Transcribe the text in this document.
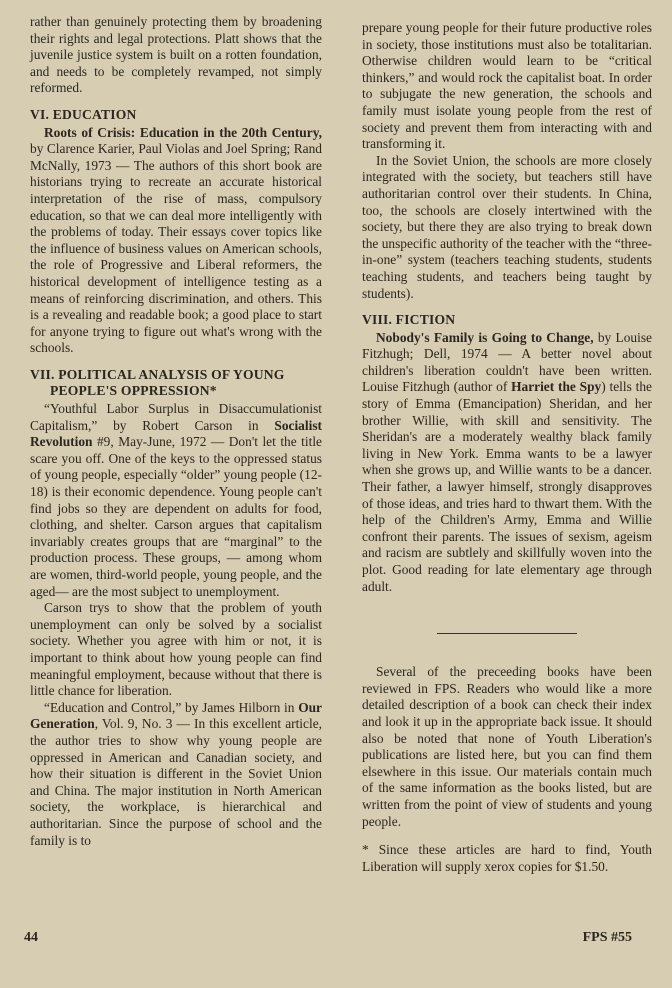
rather than genuinely protecting them by broadening their rights and legal protections. Platt shows that the juvenile justice system is built on a rotten foundation, and needs to be completely revamped, not simply reformed.

VI. EDUCATION

Roots of Crisis: Education in the 20th Century, by Clarence Karier, Paul Violas and Joel Spring; Rand McNally, 1973 — The authors of this short book are historians trying to recreate an accurate historical interpretation of the rise of mass, compulsory education, so that we can deal more intelligently with the problems of today. Their essays cover topics like the influence of business values on American schools, the role of Progressive and Liberal reformers, the historical development of intelligence testing as a means of reinforcing discrimination, and others. This is a revealing and readable book; a good place to start for anyone trying to figure out what's wrong with the schools.

VII. POLITICAL ANALYSIS OF YOUNG
PEOPLE'S OPPRESSION*

“Youthful Labor Surplus in Disaccumulationist Capitalism,” by Robert Carson in Socialist Revolution #9, May-June, 1972 — Don't let the title scare you off. One of the keys to the oppressed status of young people, especially “older” young people (12-18) is their economic dependence. Young people can't find jobs so they are dependent on adults for food, clothing, and shelter. Carson argues that capitalism invariably creates groups that are “marginal” to the production process. These groups, — among whom are women, third-world people, young people, and the aged— are the most subject to unemployment.

Carson trys to show that the problem of youth unemployment can only be solved by a socialist society. Whether you agree with him or not, it is important to think about how young people can find meaningful employment, because without that there is little chance for liberation.

“Education and Control,” by James Hilborn in Our Generation, Vol. 9, No. 3 — In this excellent article, the author tries to show why young people are oppressed in American and Canadian society, and how their situation is different in the Soviet Union and China. The major institution in North American society, the workplace, is hierarchical and authoritarian. Since the purpose of school and the family is to

prepare young people for their future productive roles in society, those institutions must also be totalitarian. Otherwise children would learn to be “critical thinkers,” and would rock the capitalist boat. In order to subjugate the new generation, the schools and family must isolate young people from the rest of society and prevent them from interacting with and transforming it.

In the Soviet Union, the schools are more closely integrated with the society, but teachers still have authoritarian control over their students. In China, too, the schools are closely intertwined with the society, but there they are also trying to break down the unspecific authority of the teacher with the “three-in-one” system (teachers teaching students, students teaching students, and teachers being taught by students).

VIII. FICTION

Nobody's Family is Going to Change, by Louise Fitzhugh; Dell, 1974 — A better novel about children's liberation couldn't have been written. Louise Fitzhugh (author of Harriet the Spy) tells the story of Emma (Emancipation) Sheridan, and her brother Willie, with skill and sensitivity. The Sheridan's are a moderately wealthy black family living in New York. Emma wants to be a lawyer when she grows up, and Willie wants to be a dancer. Their father, a lawyer himself, strongly disapproves of those ideas, and tries hard to thwart them. With the help of the Children's Army, Emma and Willie confront their parents. The issues of sexism, ageism and racism are subtlely and skillfully woven into the plot. Good reading for late elementary age through adult.

Several of the preceeding books have been reviewed in FPS. Readers who would like a more detailed description of a book can check their index and look it up in the appropriate back issue. It should also be noted that none of Youth Liberation's publications are listed here, but you can find them elsewhere in this issue. Our materials contain much of the same information as the books listed, but are written from the point of view of students and young people.

* Since these articles are hard to find, Youth Liberation will supply xerox copies for $1.50.

44	FPS #55
